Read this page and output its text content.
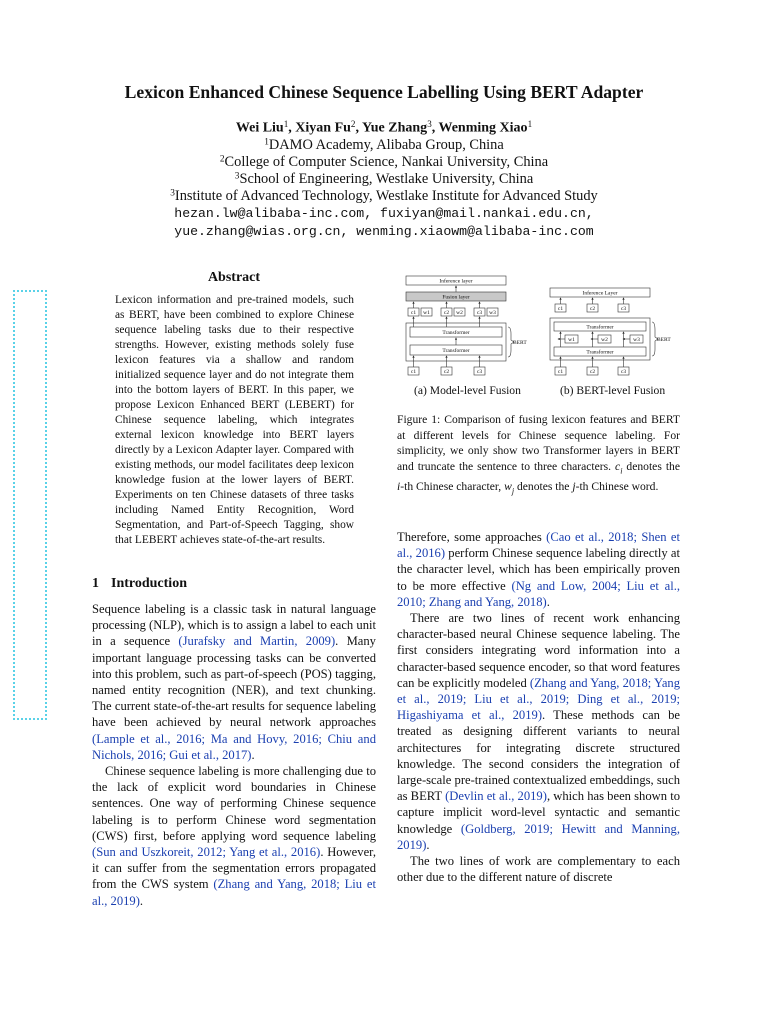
Lexicon Enhanced Chinese Sequence Labelling Using BERT Adapter
Wei Liu$^1$, Xiyan Fu$^2$, Yue Zhang$^3$, Wenming Xiao$^1$
$^1$DAMO Academy, Alibaba Group, China
$^2$College of Computer Science, Nankai University, China
$^3$School of Engineering, Westlake University, China
$^3$Institute of Advanced Technology, Westlake Institute for Advanced Study
hezan.lw@alibaba-inc.com, fuxiyan@mail.nankai.edu.cn,
yue.zhang@wias.org.cn, wenming.xiaowm@alibaba-inc.com
Abstract
Lexicon information and pre-trained models, such as BERT, have been combined to explore Chinese sequence labeling tasks due to their respective strengths. However, existing methods solely fuse lexicon features via a shallow and random initialized sequence layer and do not integrate them into the bottom layers of BERT. In this paper, we propose Lexicon Enhanced BERT (LEBERT) for Chinese sequence labeling, which integrates external lexicon knowledge into BERT layers directly by a Lexicon Adapter layer. Compared with existing methods, our model facilitates deep lexicon knowledge fusion at the lower layers of BERT. Experiments on ten Chinese datasets of three tasks including Named Entity Recognition, Word Segmentation, and Part-of-Speech Tagging, show that LEBERT achieves state-of-the-art results.
1 Introduction

Sequence labeling is a classic task in natural language processing (NLP), which is to assign a label to each unit in a sequence (Jurafsky and Martin, 2009). Many important language processing tasks can be converted into this problem, such as part-of-speech (POS) tagging, named entity recognition (NER), and text chunking. The current state-of-the-art results for sequence labeling have been achieved by neural network approaches (Lample et al., 2016; Ma and Hovy, 2016; Chiu and Nichols, 2016; Gui et al., 2017).

Chinese sequence labeling is more challenging due to the lack of explicit word boundaries in Chinese sentences. One way of performing Chinese sequence labeling is to perform Chinese word segmentation (CWS) first, before applying word sequence labeling (Sun and Uszkoreit, 2012; Yang et al., 2016). However, it can suffer from the segmentation errors propagated from the CWS system (Zhang and Yang, 2018; Liu et al., 2019).

Therefore, some approaches (Cao et al., 2018; Shen et al., 2016) perform Chinese sequence labeling directly at the character level, which has been empirically proven to be more effective (Ng and Low, 2004; Liu et al., 2010; Zhang and Yang, 2018).

There are two lines of recent work enhancing character-based neural Chinese sequence labeling. The first considers integrating word information into a character-based sequence encoder, so that word features can be explicitly modeled (Zhang and Yang, 2018; Yang et al., 2019; Liu et al., 2019; Ding et al., 2019; Higashiyama et al., 2019). These methods can be treated as designing different variants to neural architectures for integrating discrete structured knowledge. The second considers the integration of large-scale pre-trained contextualized embeddings, such as BERT (Devlin et al., 2019), which has been shown to capture implicit word-level syntactic and semantic knowledge (Goldberg, 2019; Hewitt and Manning, 2019).

The two lines of work are complementary to each other due to the different nature of discrete

Inference layer
Fusion layer
c1 w1	c2 w2	c3 w3
Transformer
Transformer
BERT
c1	c2	c3
Inference Layer
c1	c2	c3
Transformer
w1	w2	w3
Transformer
BERT
c1	c2	c3
(a) Model-level Fusion	(b) BERT-level Fusion
Figure 1: Comparison of fusing lexicon features and BERT at different levels for Chinese sequence labeling. For simplicity, we only show two Transformer layers in BERT and truncate the sentence to three characters. $c_i$ denotes the i-th Chinese character, $w_j$ denotes the j-th Chinese word.
